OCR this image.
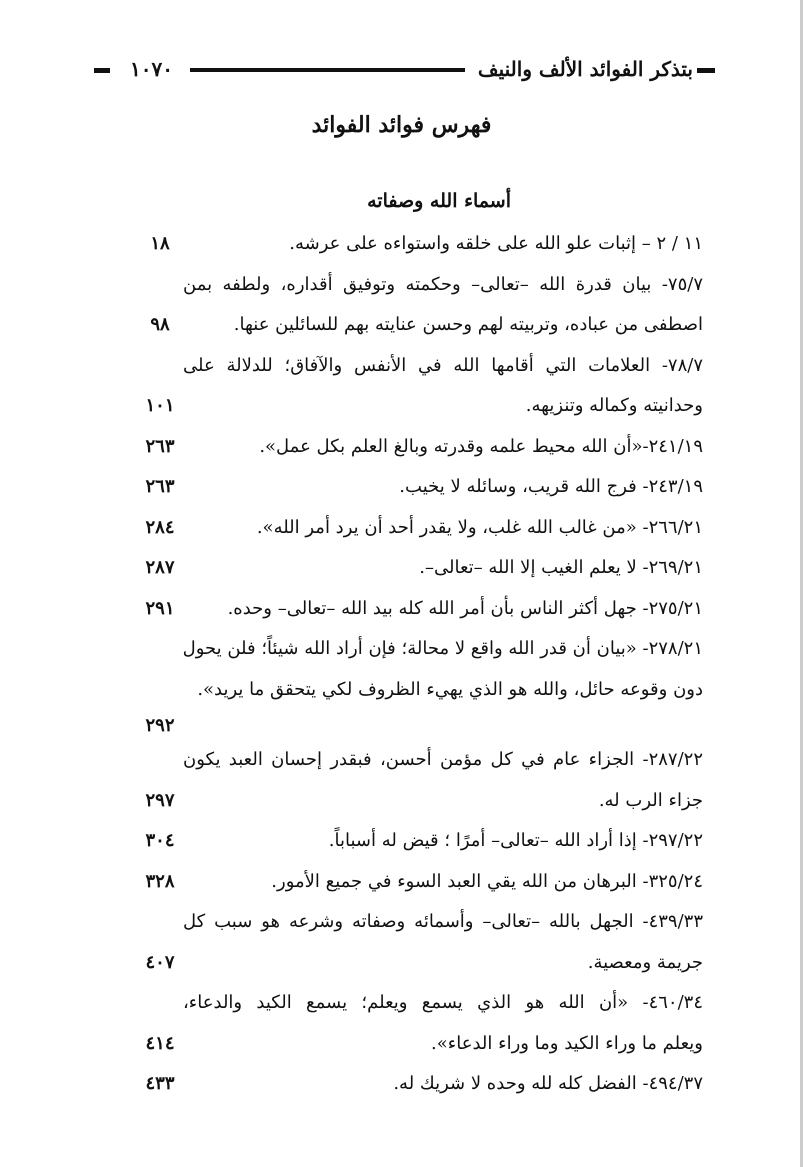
١٠٧٠	بتذكر الفوائد الألف والنيف
فهرس فوائد الفوائد
أسماء الله وصفاته
١١ / ٢ – إثبات علو الله على خلقه واستواءه على عرشه.
١٨
٧٥/٧- بيان قدرة الله –تعالى– وحكمته وتوفيق أقداره، ولطفه بمن
اصطفى من عباده، وتربيته لهم وحسن عنايته بهم للسائلين عنها.
٩٨
٧٨/٧- العلامات التي أقامها الله في الأنفس والآفاق؛ للدلالة على
وحدانيته وكماله وتنزيهه.
١٠١
٢٤١/١٩-«أن الله محيط علمه وقدرته وبالغ العلم بكل عمل».
٢٦٣
٢٤٣/١٩- فرج الله قريب، وسائله لا يخيب.
٢٦٣
٢٦٦/٢١- «من غالب الله غلب، ولا يقدر أحد أن يرد أمر الله».
٢٨٤
٢٦٩/٢١- لا يعلم الغيب إلا الله –تعالى–.
٢٨٧
٢٧٥/٢١- جهل أكثر الناس بأن أمر الله كله بيد الله –تعالى– وحده.
٢٩١
٢٧٨/٢١- «بيان أن قدر الله واقع لا محالة؛ فإن أراد الله شيئاً؛ فلن يحول
دون وقوعه حائل، والله هو الذي يهيء الظروف لكي يتحقق ما يريد».
٢٩٢
٢٨٧/٢٢- الجزاء عام في كل مؤمن أحسن، فبقدر إحسان العبد يكون
جزاء الرب له.
٢٩٧
٢٩٧/٢٢- إذا أراد الله –تعالى– أمرًا ؛ قيض له أسباباً.
٣٠٤
٣٢٥/٢٤- البرهان من الله يقي العبد السوء في جميع الأمور.
٣٢٨
٤٣٩/٣٣- الجهل بالله –تعالى– وأسمائه وصفاته وشرعه هو سبب كل
جريمة ومعصية.
٤٠٧
٤٦٠/٣٤- «أن الله هو الذي يسمع ويعلم؛ يسمع الكيد والدعاء،
ويعلم ما وراء الكيد وما وراء الدعاء».
٤١٤
٤٩٤/٣٧- الفضل كله لله وحده لا شريك له.
٤٣٣
